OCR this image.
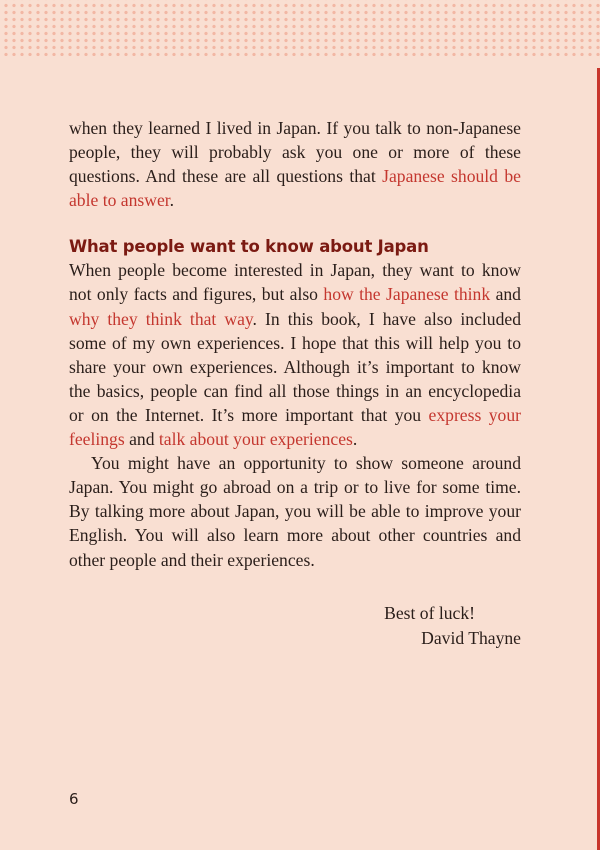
when they learned I lived in Japan. If you talk to non-Japanese people, they will probably ask you one or more of these questions. And these are all questions that Japanese should be able to answer.

What people want to know about Japan

When people become interested in Japan, they want to know not only facts and figures, but also how the Japanese think and why they think that way. In this book, I have also included some of my own experiences. I hope that this will help you to share your own experiences. Although it’s important to know the basics, people can find all those things in an encyclopedia or on the Internet. It’s more important that you express your feelings and talk about your experiences.

You might have an opportunity to show someone around Japan. You might go abroad on a trip or to live for some time. By talking more about Japan, you will be able to improve your English. You will also learn more about other countries and other people and their experiences.

Best of luck!
David Thayne
6
